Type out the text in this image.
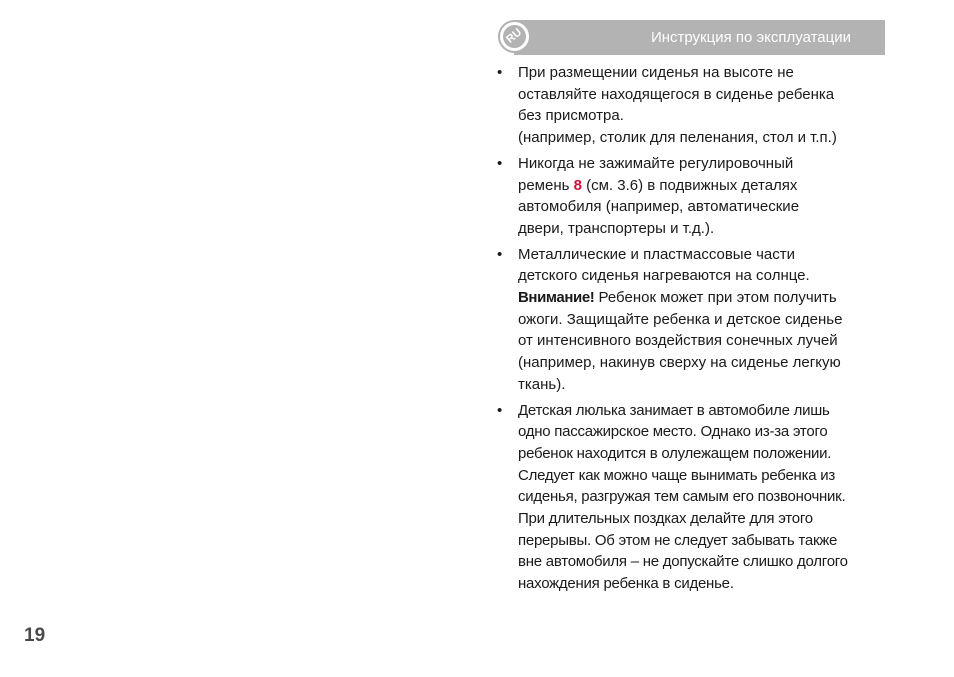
Инструкция по эксплуатации
RU
• При размещении сиденья на высоте не
оставляйте находящегося в сиденье ребенка
без присмотра.
(например, столик для пеленания, стол и т.п.)
• Никогда не зажимайте регулировочный
ремень 8 (см. 3.6) в подвижных деталях
автомобиля (например, автоматические
двери, транспортеры и т.д.).
• Металлические и пластмассовые части
детского сиденья нагреваются на солнце.
Внимание! Ребенок может при этом получить
ожоги. Защищайте ребенка и детское сиденье
от интенсивного воздействия сонечных лучей
(например, накинув сверху на сиденье легкую
ткань).
• Детская люлька занимает в автомобиле лишь
одно пассажирское место. Однако из-за этого
ребенок находится в олулежащем положении.
Следует как можно чаще вынимать ребенка из
сиденья, разгружая тем самым его позвоночник.
При длительных поздках делайте для этого
перерывы. Об этом не следует забывать также
вне автомобиля – не допускайте слишко долгого
нахождения ребенка в сиденье.
19
